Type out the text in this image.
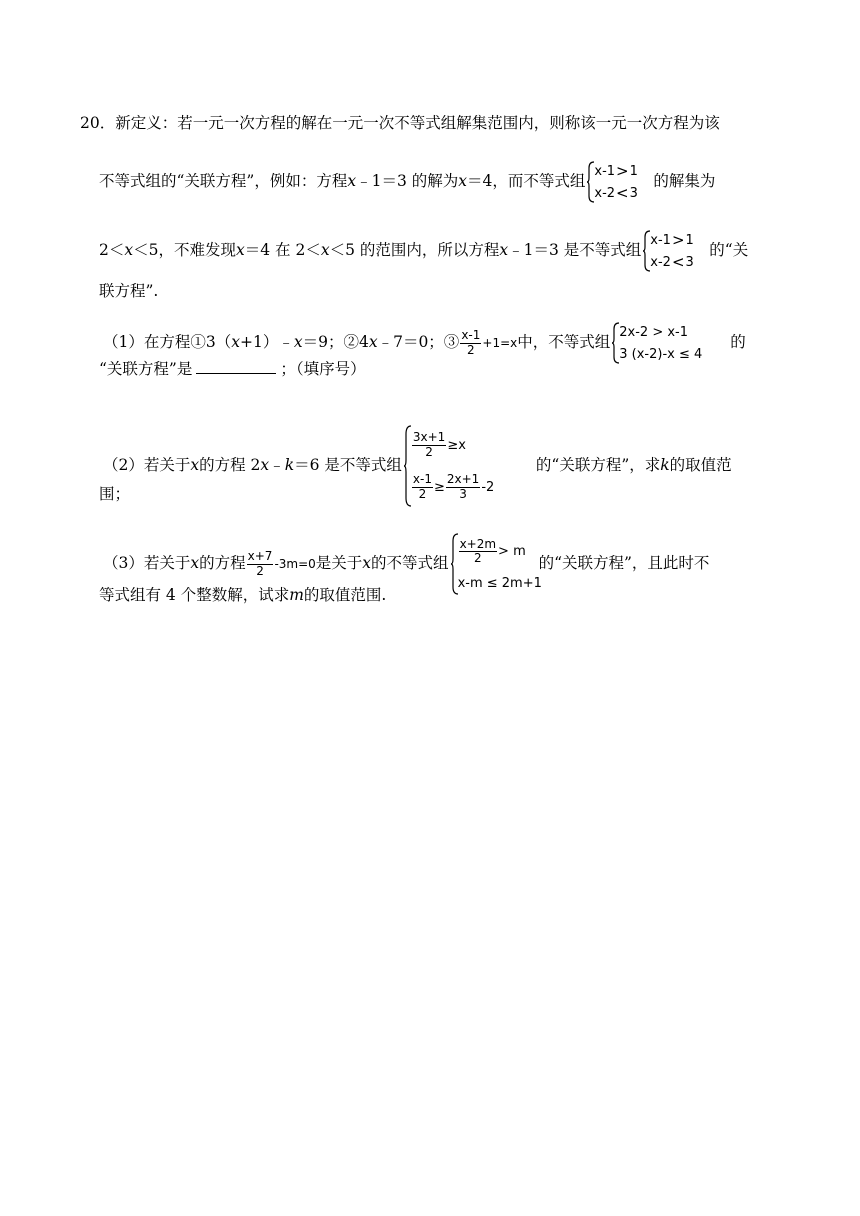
20．新定义：若一元一次方程的解在一元一次不等式组解集范围内，则称该一元一次方程为该
不等式组的“关联方程”，例如：方程x﹣1＝3 的解为x＝4，而不等式组
x-1 > 1
x-2 < 3
的解集为
2＜x＜5，不难发现x＝4 在 2＜x＜5 的范围内，所以方程x﹣1＝3 是不等式组
x-1 > 1
x-2 < 3
的“关
联方程”.
（1）在方程①3（x+1）﹣x＝9；②4x﹣7＝0；③ $\frac{x-1}{2} +1=x$中，不等式组
2x-2 > x-1
3 (x-2)-x ≤ 4
的
“关联方程”是	；（填序号）
（2）若关于x的方程 2x﹣k＝6 是不等式组
$\frac{3x+1}{2} \ge x$
$\frac{x-1}{2} \ge \frac{2x+1}{3} -2$
的“关联方程”，求k的取值范
围；
（3）若关于x的方程 $\frac{x+7}{2} -3m=0$是关于x的不等式组 $\frac{x+2m}{2} > m$
x-m ≤ 2m+1
的“关联方程”，且此时不
等式组有 4 个整数解，试求m的取值范围.
